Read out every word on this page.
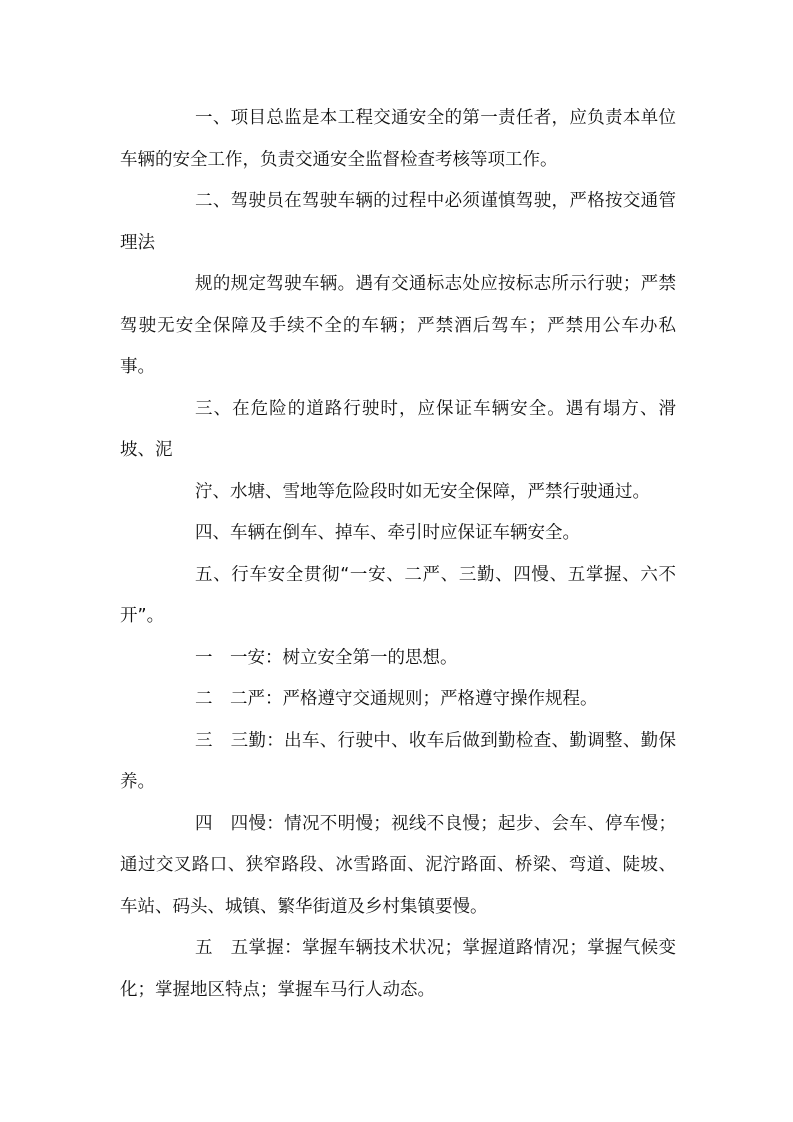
一、项目总监是本工程交通安全的第一责任者，应负责本单位车辆的安全工作，负责交通安全监督检查考核等项工作。

二、驾驶员在驾驶车辆的过程中必须谨慎驾驶，严格按交通管理法

规的规定驾驶车辆。遇有交通标志处应按标志所示行驶；严禁驾驶无安全保障及手续不全的车辆；严禁酒后驾车；严禁用公车办私事。

三、在危险的道路行驶时，应保证车辆安全。遇有塌方、滑坡、泥

泞、水塘、雪地等危险段时如无安全保障，严禁行驶通过。

四、车辆在倒车、掉车、牵引时应保证车辆安全。

五、行车安全贯彻“一安、二严、三勤、四慢、五掌握、六不开”。

一　一安：树立安全第一的思想。

二　二严：严格遵守交通规则；严格遵守操作规程。

三　三勤：出车、行驶中、收车后做到勤检查、勤调整、勤保养。

四　四慢：情况不明慢；视线不良慢；起步、会车、停车慢；通过交叉路口、狭窄路段、冰雪路面、泥泞路面、桥梁、弯道、陡坡、车站、码头、城镇、繁华街道及乡村集镇要慢。

五　五掌握：掌握车辆技术状况；掌握道路情况；掌握气候变化；掌握地区特点；掌握车马行人动态。
